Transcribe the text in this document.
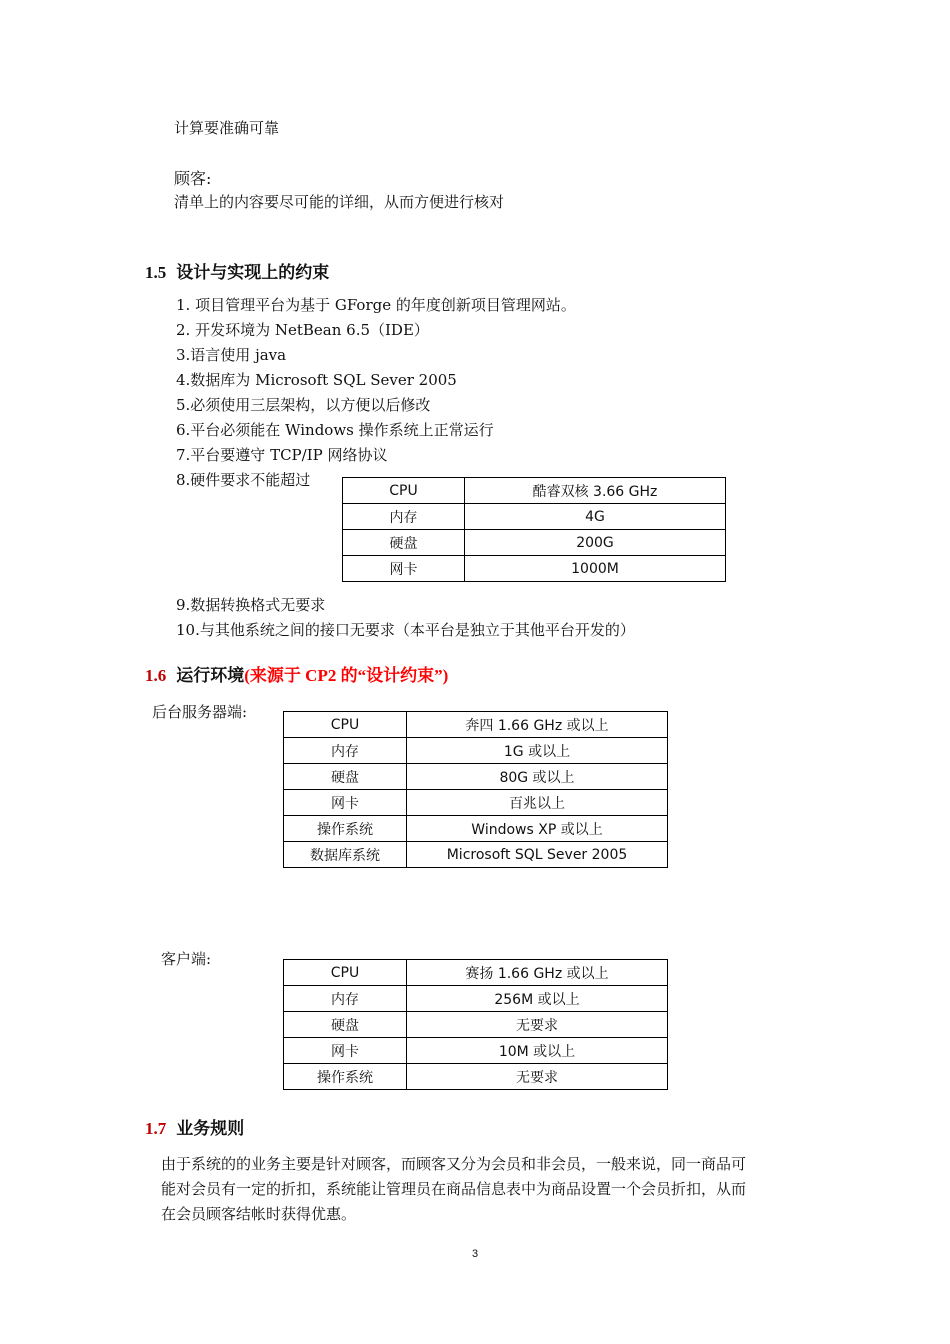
计算要准确可靠
顾客:
清单上的内容要尽可能的详细，从而方便进行核对
1.5 设计与实现上的约束
1. 项目管理平台为基于 GForge 的年度创新项目管理网站。
2. 开发环境为 NetBean 6.5（IDE）
3.语言使用 java
4.数据库为 Microsoft SQL Sever 2005
5.必须使用三层架构，以方便以后修改
6.平台必须能在 Windows 操作系统上正常运行
7.平台要遵守 TCP/IP 网络协议
8.硬件要求不能超过
CPU	酷睿双核 3.66 GHz
内存	4G
硬盘	200G
网卡	1000M
9.数据转换格式无要求
10.与其他系统之间的接口无要求（本平台是独立于其他平台开发的）
1.6 运行环境(来源于 CP2 的“设计约束”)
后台服务器端:
CPU	奔四 1.66 GHz 或以上
内存	1G 或以上
硬盘	80G 或以上
网卡	百兆以上
操作系统	Windows XP 或以上
数据库系统	Microsoft SQL Sever 2005
客户端:
CPU	赛扬 1.66 GHz 或以上
内存	256M 或以上
硬盘	无要求
网卡	10M 或以上
操作系统	无要求
1.7 业务规则
由于系统的的业务主要是针对顾客，而顾客又分为会员和非会员，一般来说，同一商品可
能对会员有一定的折扣，系统能让管理员在商品信息表中为商品设置一个会员折扣，从而
在会员顾客结帐时获得优惠。
3
